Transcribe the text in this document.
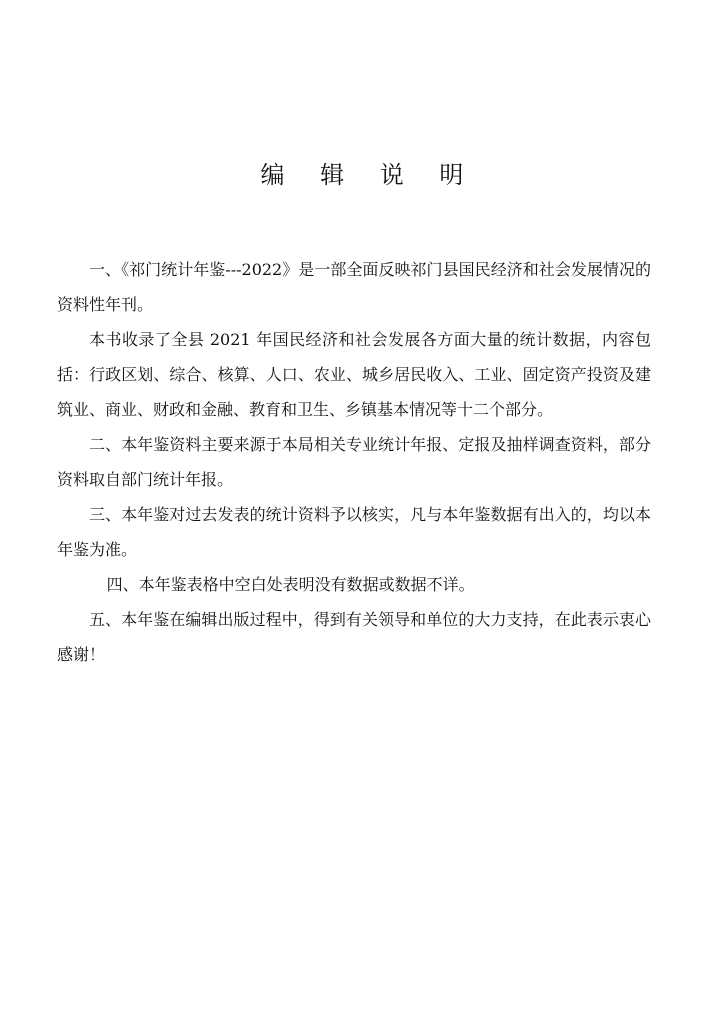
编 辑 说 明

一、《祁门统计年鉴---2022》是一部全面反映祁门县国民经济和社会发展情况的资料性年刊。

本书收录了全县 2021 年国民经济和社会发展各方面大量的统计数据，内容包括：行政区划、综合、核算、人口、农业、城乡居民收入、工业、固定资产投资及建筑业、商业、财政和金融、教育和卫生、乡镇基本情况等十二个部分。

二、本年鉴资料主要来源于本局相关专业统计年报、定报及抽样调查资料，部分资料取自部门统计年报。

三、本年鉴对过去发表的统计资料予以核实，凡与本年鉴数据有出入的，均以本年鉴为准。

四、本年鉴表格中空白处表明没有数据或数据不详。

五、本年鉴在编辑出版过程中，得到有关领导和单位的大力支持，在此表示衷心感谢！
